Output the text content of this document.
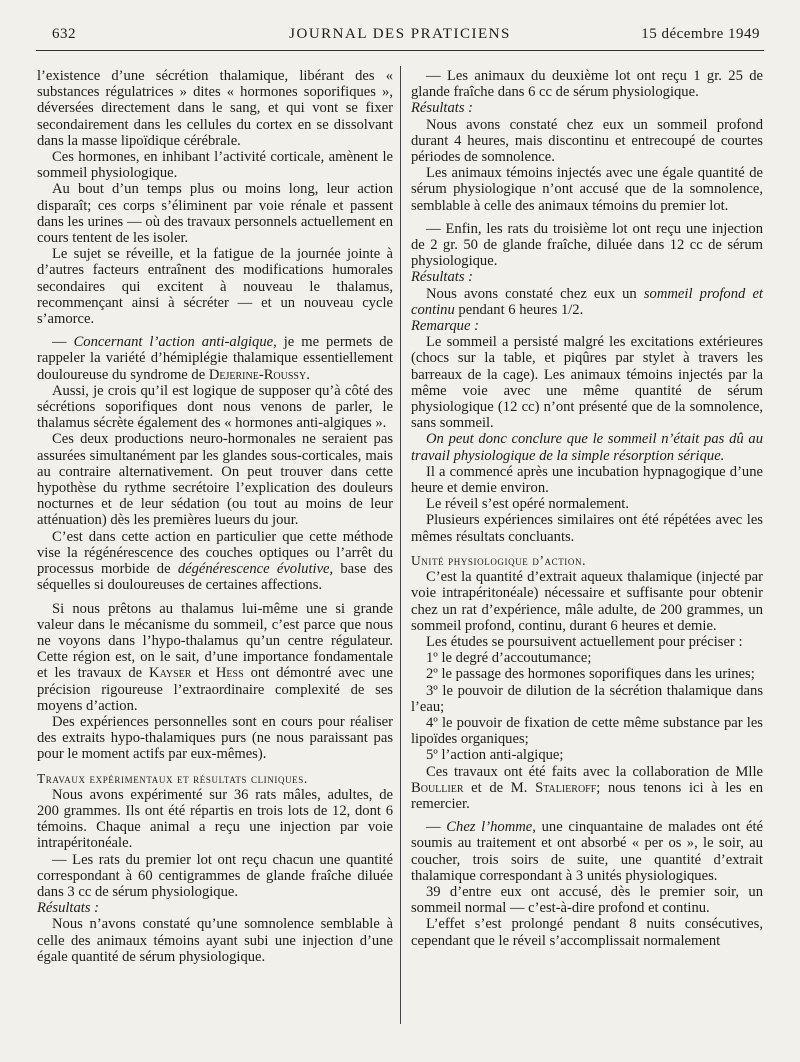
632	JOURNAL DES PRATICIENS	15 décembre 1949

l’existence d’une sécrétion thalamique, libérant des « substances régulatrices » dites « hormones soporifiques », déversées directement dans le sang, et qui vont se fixer secondairement dans les cellules du cortex en se dissolvant dans la masse lipoïdique cérébrale.

Ces hormones, en inhibant l’activité corticale, amènent le sommeil physiologique.

Au bout d’un temps plus ou moins long, leur action disparaît; ces corps s’éliminent par voie rénale et passent dans les urines — où des travaux personnels actuellement en cours tentent de les isoler.

Le sujet se réveille, et la fatigue de la journée jointe à d’autres facteurs entraînent des modifications humorales secondaires qui excitent à nouveau le thalamus, recommençant ainsi à sécréter — et un nouveau cycle s’amorce.

— Concernant l’action anti-algique, je me permets de rappeler la variété d’hémiplégie thalamique essentiellement douloureuse du syndrome de Dejerine-Roussy.

Aussi, je crois qu’il est logique de supposer qu’à côté des sécrétions soporifiques dont nous venons de parler, le thalamus sécrète également des « hormones anti-algiques ».

Ces deux productions neuro-hormonales ne seraient pas assurées simultanément par les glandes sous-corticales, mais au contraire alternativement. On peut trouver dans cette hypothèse du rythme secrétoire l’explication des douleurs nocturnes et de leur sédation (ou tout au moins de leur atténuation) dès les premières lueurs du jour.

C’est dans cette action en particulier que cette méthode vise la régénérescence des couches optiques ou l’arrêt du processus morbide de dégénérescence évolutive, base des séquelles si douloureuses de certaines affections.

Si nous prêtons au thalamus lui-même une si grande valeur dans le mécanisme du sommeil, c’est parce que nous ne voyons dans l’hypo-thalamus qu’un centre régulateur. Cette région est, on le sait, d’une importance fondamentale et les travaux de Kayser et Hess ont démontré avec une précision rigoureuse l’extraordinaire complexité de ses moyens d’action.

Des expériences personnelles sont en cours pour réaliser des extraits hypo-thalamiques purs (ne nous paraissant pas pour le moment actifs par eux-mêmes).

Travaux expérimentaux et résultats cliniques.

Nous avons expérimenté sur 36 rats mâles, adultes, de 200 grammes. Ils ont été répartis en trois lots de 12, dont 6 témoins. Chaque animal a reçu une injection par voie intrapéritonéale.

— Les rats du premier lot ont reçu chacun une quantité correspondant à 60 centigrammes de glande fraîche diluée dans 3 cc de sérum physiologique.

Résultats :

Nous n’avons constaté qu’une somnolence semblable à celle des animaux témoins ayant subi une injection d’une égale quantité de sérum physiologique.

— Les animaux du deuxième lot ont reçu 1 gr. 25 de glande fraîche dans 6 cc de sérum physiologique.

Résultats :

Nous avons constaté chez eux un sommeil profond durant 4 heures, mais discontinu et entrecoupé de courtes périodes de somnolence.

Les animaux témoins injectés avec une égale quantité de sérum physiologique n’ont accusé que de la somnolence, semblable à celle des animaux témoins du premier lot.

— Enfin, les rats du troisième lot ont reçu une injection de 2 gr. 50 de glande fraîche, diluée dans 12 cc de sérum physiologique.

Résultats :

Nous avons constaté chez eux un sommeil profond et continu pendant 6 heures 1/2.

Remarque :

Le sommeil a persisté malgré les excitations extérieures (chocs sur la table, et piqûres par stylet à travers les barreaux de la cage). Les animaux témoins injectés par la même voie avec une même quantité de sérum physiologique (12 cc) n’ont présenté que de la somnolence, sans sommeil.

On peut donc conclure que le sommeil n’était pas dû au travail physiologique de la simple résorption sérique.

Il a commencé après une incubation hypnagogique d’une heure et demie environ.

Le réveil s’est opéré normalement.

Plusieurs expériences similaires ont été répétées avec les mêmes résultats concluants.

Unité physiologique d’action.

C’est la quantité d’extrait aqueux thalamique (injecté par voie intrapéritonéale) nécessaire et suffisante pour obtenir chez un rat d’expérience, mâle adulte, de 200 grammes, un sommeil profond, continu, durant 6 heures et demie.

Les études se poursuivent actuellement pour préciser :

1º le degré d’accoutumance;

2º le passage des hormones soporifiques dans les urines;

3º le pouvoir de dilution de la sécrétion thalamique dans l’eau;

4º le pouvoir de fixation de cette même substance par les lipoïdes organiques;

5º l’action anti-algique;

Ces travaux ont été faits avec la collaboration de Mlle Boullier et de M. Stalieroff; nous tenons ici à les en remercier.

— Chez l’homme, une cinquantaine de malades ont été soumis au traitement et ont absorbé « per os », le soir, au coucher, trois soirs de suite, une quantité d’extrait thalamique correspondant à 3 unités physiologiques.

39 d’entre eux ont accusé, dès le premier soir, un sommeil normal — c’est-à-dire profond et continu.

L’effet s’est prolongé pendant 8 nuits consécutives, cependant que le réveil s’accomplissait normalement
